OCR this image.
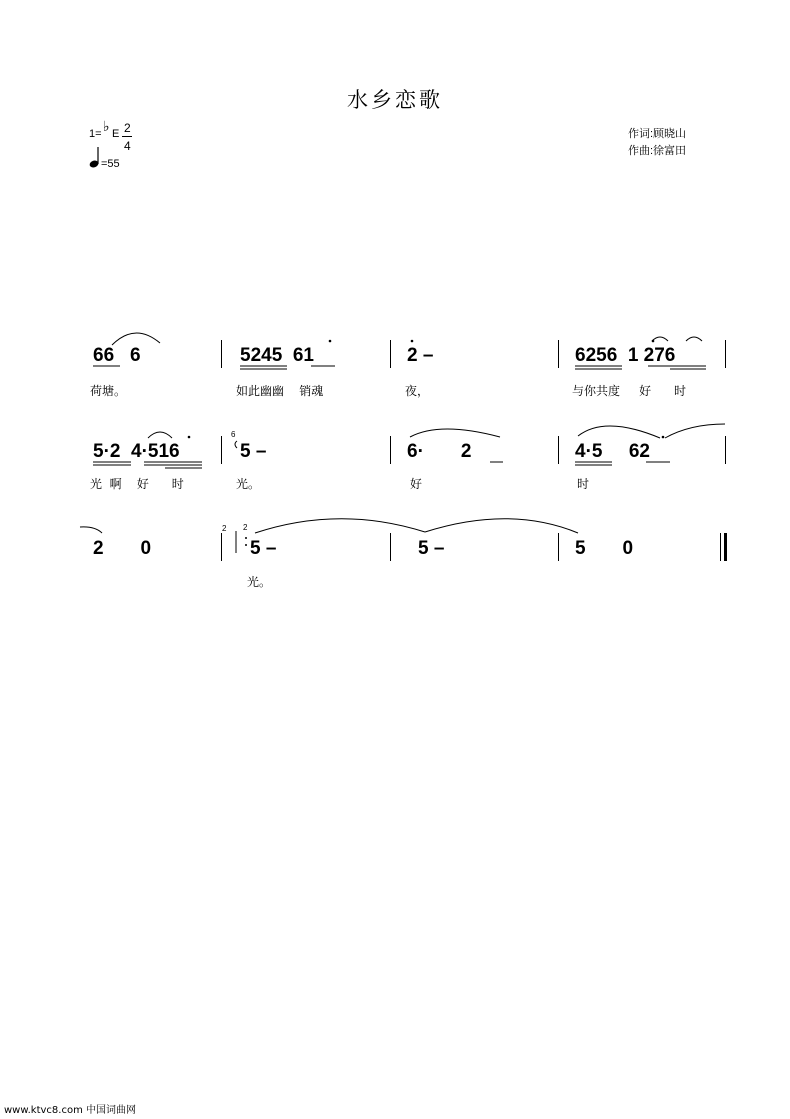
水乡恋歌
1= ♭ E 2
4
=55
作词:顾晓山
作曲:徐富田
66   6	5245  61	2 –	6256  1 276
荷塘。	如此幽幽    销魂	夜，	与你共度     好      时
5·2  4·516
6
5 –	6·       2	4·5     62
光  啊    好      时	光。	好	时
2       0
2
5 –	5 –	5       0
光。
2
www.ktvc8.com 中国词曲网
